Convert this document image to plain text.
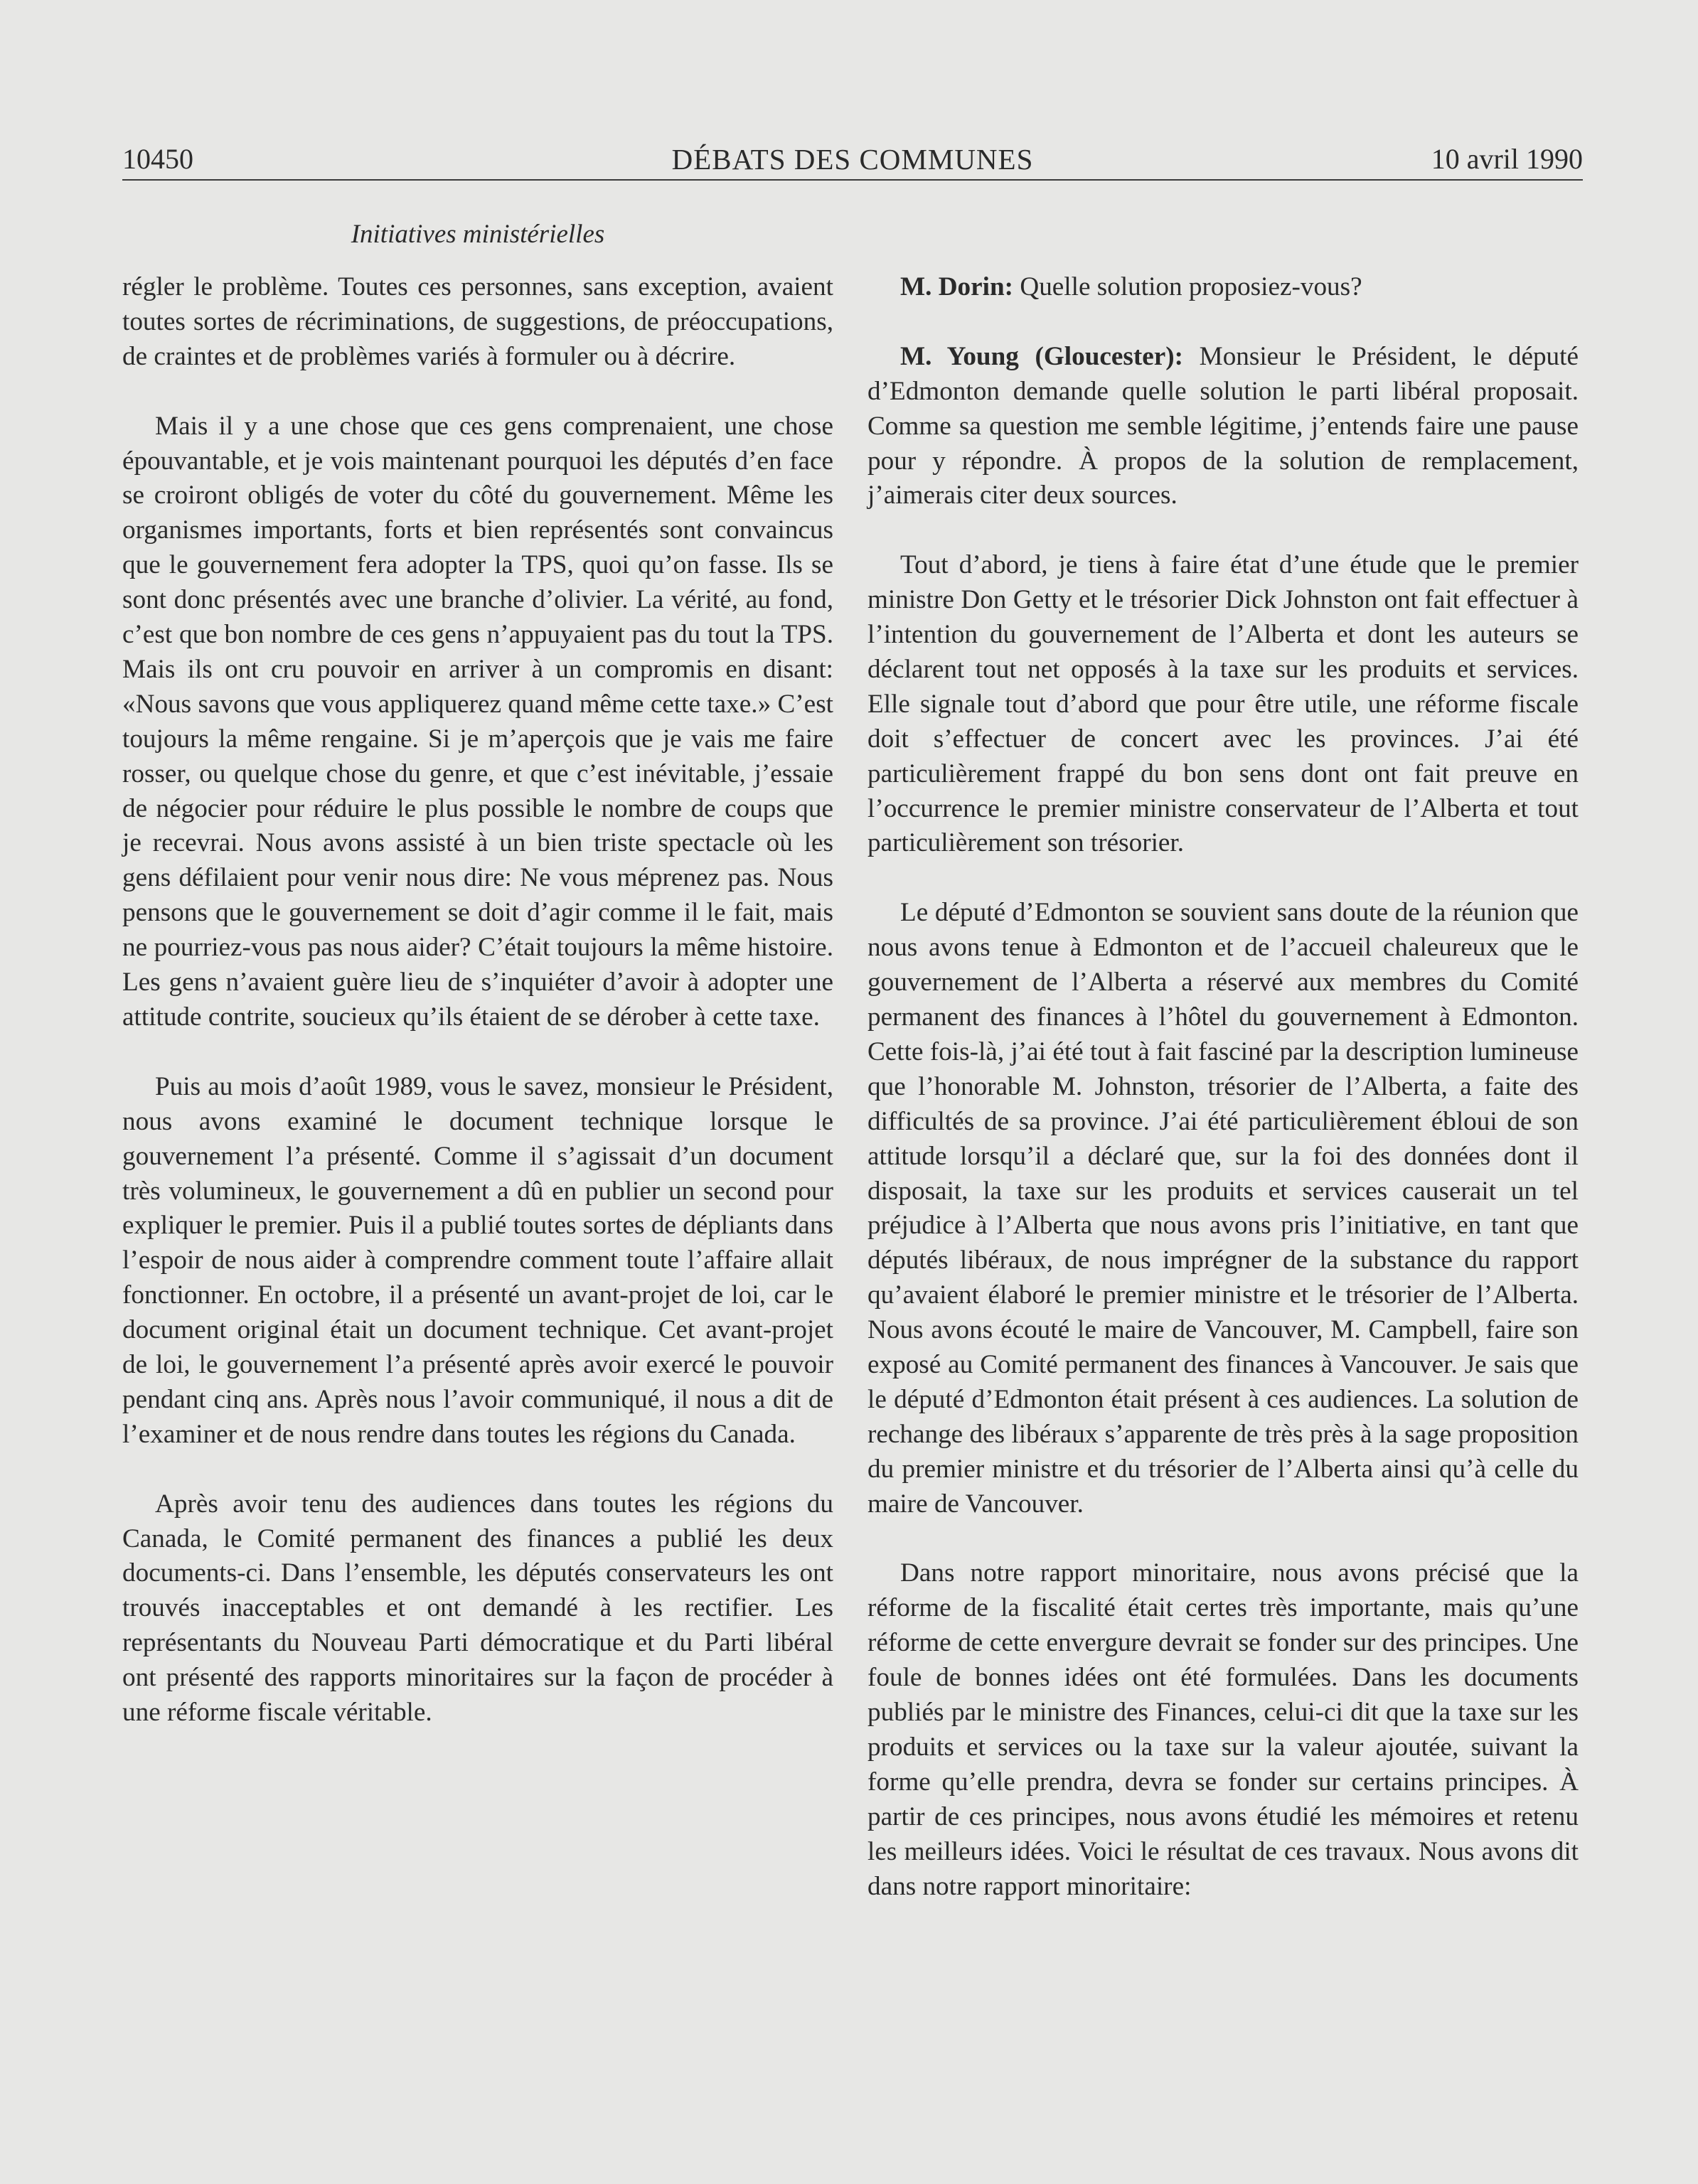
10450	DÉBATS DES COMMUNES	10 avril 1990
Initiatives ministérielles

régler le problème. Toutes ces personnes, sans exception, avaient toutes sortes de récriminations, de suggestions, de préoccupations, de craintes et de problèmes variés à formuler ou à décrire.

Mais il y a une chose que ces gens comprenaient, une chose épouvantable, et je vois maintenant pourquoi les députés d’en face se croiront obligés de voter du côté du gouvernement. Même les organismes importants, forts et bien représentés sont convaincus que le gouvernement fera adopter la TPS, quoi qu’on fasse. Ils se sont donc présentés avec une branche d’olivier. La vérité, au fond, c’est que bon nombre de ces gens n’appuyaient pas du tout la TPS. Mais ils ont cru pouvoir en arriver à un compromis en disant: «Nous savons que vous appliquerez quand même cette taxe.» C’est toujours la même rengaine. Si je m’aperçois que je vais me faire rosser, ou quelque chose du genre, et que c’est inévitable, j’essaie de négocier pour réduire le plus possible le nombre de coups que je recevrai. Nous avons assisté à un bien triste spectacle où les gens défilaient pour venir nous dire: Ne vous méprenez pas. Nous pensons que le gouvernement se doit d’agir comme il le fait, mais ne pourriez-vous pas nous aider? C’était toujours la même histoire. Les gens n’avaient guère lieu de s’inquiéter d’avoir à adopter une attitude contrite, soucieux qu’ils étaient de se dérober à cette taxe.

Puis au mois d’août 1989, vous le savez, monsieur le Président, nous avons examiné le document technique lorsque le gouvernement l’a présenté. Comme il s’agissait d’un document très volumineux, le gouvernement a dû en publier un second pour expliquer le premier. Puis il a publié toutes sortes de dépliants dans l’espoir de nous aider à comprendre comment toute l’affaire allait fonctionner. En octobre, il a présenté un avant-projet de loi, car le document original était un document technique. Cet avant-projet de loi, le gouvernement l’a présenté après avoir exercé le pouvoir pendant cinq ans. Après nous l’avoir communiqué, il nous a dit de l’examiner et de nous rendre dans toutes les régions du Canada.

Après avoir tenu des audiences dans toutes les régions du Canada, le Comité permanent des finances a publié les deux documents-ci. Dans l’ensemble, les députés conservateurs les ont trouvés inacceptables et ont demandé à les rectifier. Les représentants du Nouveau Parti démocratique et du Parti libéral ont présenté des rapports minoritaires sur la façon de procéder à une réforme fiscale véritable.

M. Dorin: Quelle solution proposiez-vous?

M. Young (Gloucester): Monsieur le Président, le député d’Edmonton demande quelle solution le parti libéral proposait. Comme sa question me semble légitime, j’entends faire une pause pour y répondre. À propos de la solution de remplacement, j’aimerais citer deux sources.

Tout d’abord, je tiens à faire état d’une étude que le premier ministre Don Getty et le trésorier Dick Johnston ont fait effectuer à l’intention du gouvernement de l’Alberta et dont les auteurs se déclarent tout net opposés à la taxe sur les produits et services. Elle signale tout d’abord que pour être utile, une réforme fiscale doit s’effectuer de concert avec les provinces. J’ai été particulièrement frappé du bon sens dont ont fait preuve en l’occurrence le premier ministre conservateur de l’Alberta et tout particulièrement son trésorier.

Le député d’Edmonton se souvient sans doute de la réunion que nous avons tenue à Edmonton et de l’accueil chaleureux que le gouvernement de l’Alberta a réservé aux membres du Comité permanent des finances à l’hôtel du gouvernement à Edmonton. Cette fois-là, j’ai été tout à fait fasciné par la description lumineuse que l’honorable M. Johnston, trésorier de l’Alberta, a faite des difficultés de sa province. J’ai été particulièrement ébloui de son attitude lorsqu’il a déclaré que, sur la foi des données dont il disposait, la taxe sur les produits et services causerait un tel préjudice à l’Alberta que nous avons pris l’initiative, en tant que députés libéraux, de nous imprégner de la substance du rapport qu’avaient élaboré le premier ministre et le trésorier de l’Alberta. Nous avons écouté le maire de Vancouver, M. Campbell, faire son exposé au Comité permanent des finances à Vancouver. Je sais que le député d’Edmonton était présent à ces audiences. La solution de rechange des libéraux s’apparente de très près à la sage proposition du premier ministre et du trésorier de l’Alberta ainsi qu’à celle du maire de Vancouver.

Dans notre rapport minoritaire, nous avons précisé que la réforme de la fiscalité était certes très importante, mais qu’une réforme de cette envergure devrait se fonder sur des principes. Une foule de bonnes idées ont été formulées. Dans les documents publiés par le ministre des Finances, celui-ci dit que la taxe sur les produits et services ou la taxe sur la valeur ajoutée, suivant la forme qu’elle prendra, devra se fonder sur certains principes. À partir de ces principes, nous avons étudié les mémoires et retenu les meilleurs idées. Voici le résultat de ces travaux. Nous avons dit dans notre rapport minoritaire:
